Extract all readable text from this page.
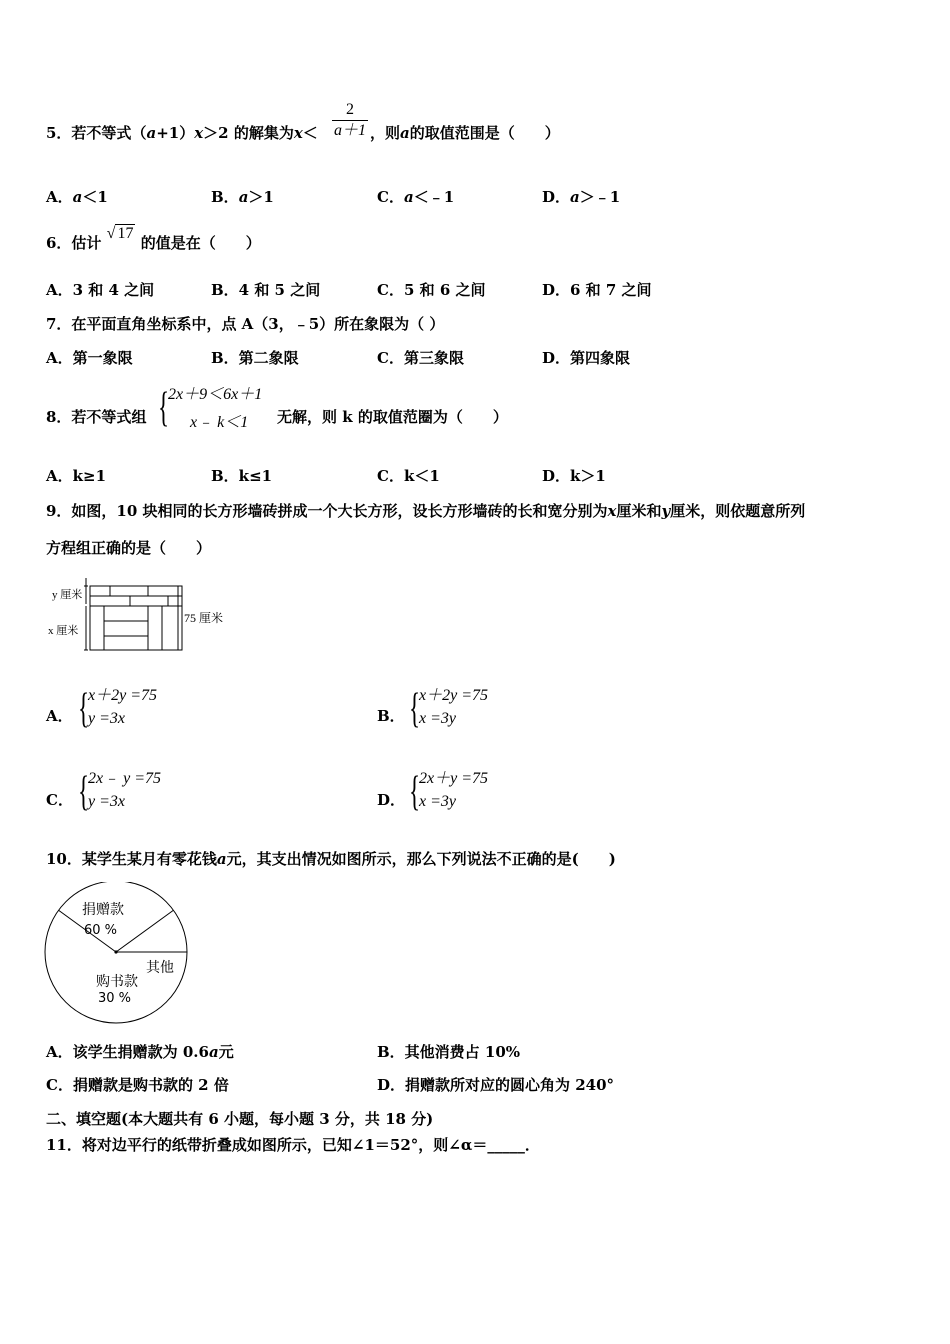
5．若不等式（a+1）x＞2 的解集为$x< \frac{2}{a+1}$ ，则a的取值范围是（　　）
A．a＜1	B．a＞1	C．a＜﹣1	D．a＞﹣1
6．估计 √ 17 的值是在（　　）
A．3 和 4 之间	B．4 和 5 之间	C．5 和 6 之间	D．6 和 7 之间
7．在平面直角坐标系中，点 A（3，﹣5）所在象限为（ ）
A．第一象限	B．第二象限	C．第三象限	D．第四象限
8．若不等式组 {
2x＋9＜6x＋1
x﹣ k＜1 无解，则 k 的取值范圈为（　　）
A．k≥1	B．k≤1	C．k＜1	D．k＞1
9．如图，10 块相同的长方形墙砖拼成一个大长方形，设长方形墙砖的长和宽分别为x厘米和y厘米，则依题意所列
方程组正确的是（　　）
y 厘米
x 厘米
75 厘米
A． {
x＋2y =75
y =3x	B． {
x＋2y =75
x =3y
C． {
2x﹣ y =75
y =3x	D． {
2x＋y =75
x =3y
10．某学生某月有零花钱a元，其支出情况如图所示，那么下列说法不正确的是(　　)
捐赠款
60 %
购书款
30 %
其他
A．该学生捐赠款为 0.6a元	B．其他消费占 10%
C．捐赠款是购书款的 2 倍	D．捐赠款所对应的圆心角为 240°
二、填空题(本大题共有 6 小题，每小题 3 分，共 18 分)
11．将对边平行的纸带折叠成如图所示，已知∠1＝52°，则∠α＝_____．
